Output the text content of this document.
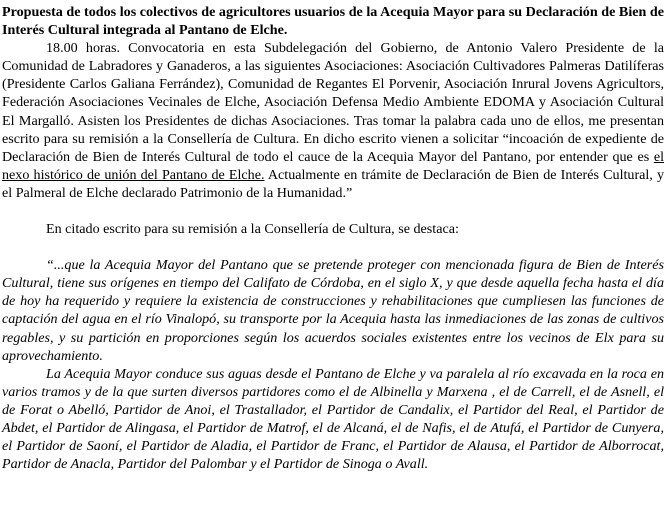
Propuesta de todos los colectivos de agricultores usuarios de la Acequia Mayor para su Declaración de Bien de Interés Cultural integrada al Pantano de Elche.

18.00 horas. Convocatoria en esta Subdelegación del Gobierno, de Antonio Valero Presidente de la Comunidad de Labradores y Ganaderos, a las siguientes Asociaciones: Asociación Cultivadores Palmeras Datilíferas (Presidente Carlos Galiana Ferrández), Comunidad de Regantes El Porvenir, Asociación Inrural Jovens Agricultors, Federación Asociaciones Vecinales de Elche, Asociación Defensa Medio Ambiente EDOMA y Asociación Cultural El Margalló. Asisten los Presidentes de dichas Asociaciones. Tras tomar la palabra cada uno de ellos, me presentan escrito para su remisión a la Consellería de Cultura. En dicho escrito vienen a solicitar “incoación de expediente de Declaración de Bien de Interés Cultural de todo el cauce de la Acequia Mayor del Pantano, por entender que es el nexo histórico de unión del Pantano de Elche. Actualmente en trámite de Declaración de Bien de Interés Cultural, y el Palmeral de Elche declarado Patrimonio de la Humanidad.”

En citado escrito para su remisión a la Consellería de Cultura, se destaca:

“...que la Acequia Mayor del Pantano que se pretende proteger con mencionada figura de Bien de Interés Cultural, tiene sus orígenes en tiempo del Califato de Córdoba, en el siglo X, y que desde aquella fecha hasta el día de hoy ha requerido y requiere la existencia de construcciones y rehabilitaciones que cumpliesen las funciones de captación del agua en el río Vinalopó, su transporte por la Acequia hasta las inmediaciones de las zonas de cultivos regables, y su partición en proporciones según los acuerdos sociales existentes entre los vecinos de Elx para su aprovechamiento.

La Acequia Mayor conduce sus aguas desde el Pantano de Elche y va paralela al río excavada en la roca en varios tramos y de la que surten diversos partidores como el de Albinella y Marxena , el de Carrell, el de Asnell, el de Forat o Abelló, Partidor de Anoi, el Trastallador, el Partidor de Candalix, el Partidor del Real, el Partidor de Abdet, el Partidor de Alingasa, el Partidor de Matrof, el de Alcaná, el de Nafis, el de Atufá, el Partidor de Cunyera, el Partidor de Saoní, el Partidor de Aladia, el Partidor de Franc, el Partidor de Alausa, el Partidor de Alborrocat, Partidor de Anacla, Partidor del Palombar y el Partidor de Sinoga o Avall.
